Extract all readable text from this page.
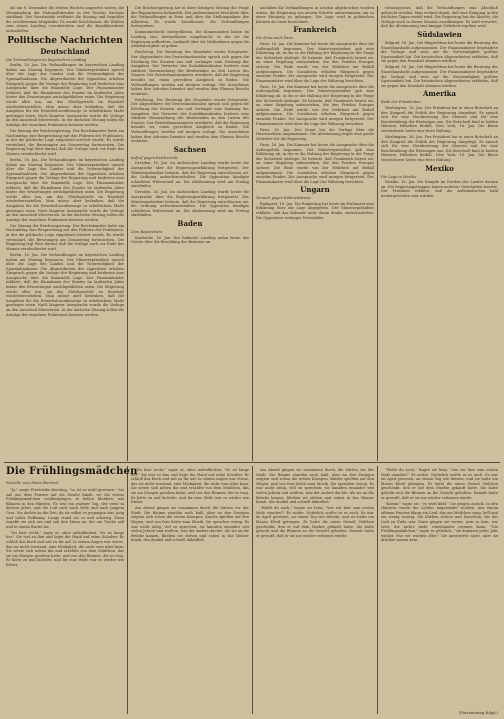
als am 8. Dezember die letzten Wochen angesetzt waren, die Versammlung der Nationalliberalen in der Provinz Sachsen stattfand. Der Vorsitzende eröffnete die Sitzung und begrüßte die erschienenen Mitglieder. Es wurde beschlossen, die Wahlen zum neuen Landtag vorzubereiten und die Kandidatenliste aufzustellen.

Politische Nachrichten
Deutschland
Die Verhandlungen im bayerischen Landtag

Berlin, 16. Jan. Die Verhandlungen im bayerischen Landtag haben am Montag begonnen. Der Ministerpräsident sprach über die Lage des Landes und die Notwendigkeit der Sparmaßnahmen. Die Abgeordneten der Opposition erhoben Einspruch gegen die Vorlage der Regierung und forderten eine Aussprache über die finanzielle Lage. Der Finanzminister erklärte, daß die Einnahmen des Staates im laufenden Jahre hinter den Erwartungen zurückgeblieben seien. Die Regierung werde alles tun, um das Gleichgewicht im Haushalt wiederherzustellen. Man müsse aber bedenken, daß die Ausgaben für die Erwerbslosenfürsorge in erheblichem Maße gestiegen seien. Nach längerer Aussprache wurde die Vorlage an den Ausschuß überwiesen. In der nächsten Sitzung sollen die Anträge der einzelnen Fraktionen beraten werden.

Die Sitzung der Reichsregierung. Der Reichskanzler hatte am Nachmittag eine Besprechung mit den Führern der Fraktionen, in der die politische Lage eingehend erörtert wurde. Es wurde vereinbart, die Beratungen am Donnerstag fortzusetzen. Die Regierung legt Wert darauf, daß die Vorlage noch vor Ende des Monats verabschiedet wird.

Berlin, 16. Jan. Die Verhandlungen im bayerischen Landtag haben am Montag begonnen. Der Ministerpräsident sprach über die Lage des Landes und die Notwendigkeit der Sparmaßnahmen. Die Abgeordneten der Opposition erhoben Einspruch gegen die Vorlage der Regierung und forderten eine Aussprache über die finanzielle Lage. Der Finanzminister erklärte, daß die Einnahmen des Staates im laufenden Jahre hinter den Erwartungen zurückgeblieben seien. Die Regierung werde alles tun, um das Gleichgewicht im Haushalt wiederherzustellen. Man müsse aber bedenken, daß die Ausgaben für die Erwerbslosenfürsorge in erheblichem Maße gestiegen seien. Nach längerer Aussprache wurde die Vorlage an den Ausschuß überwiesen. In der nächsten Sitzung sollen die Anträge der einzelnen Fraktionen beraten werden.

Die Sitzung der Reichsregierung. Der Reichskanzler hatte am Nachmittag eine Besprechung mit den Führern der Fraktionen, in der die politische Lage eingehend erörtert wurde. Es wurde vereinbart, die Beratungen am Donnerstag fortzusetzen. Die Regierung legt Wert darauf, daß die Vorlage noch vor Ende des Monats verabschiedet wird.

Berlin, 16. Jan. Die Verhandlungen im bayerischen Landtag haben am Montag begonnen. Der Ministerpräsident sprach über die Lage des Landes und die Notwendigkeit der Sparmaßnahmen. Die Abgeordneten der Opposition erhoben Einspruch gegen die Vorlage der Regierung und forderten eine Aussprache über die finanzielle Lage. Der Finanzminister erklärte, daß die Einnahmen des Staates im laufenden Jahre hinter den Erwartungen zurückgeblieben seien. Die Regierung werde alles tun, um das Gleichgewicht im Haushalt wiederherzustellen. Man müsse aber bedenken, daß die Ausgaben für die Erwerbslosenfürsorge in erheblichem Maße gestiegen seien. Nach längerer Aussprache wurde die Vorlage an den Ausschuß überwiesen. In der nächsten Sitzung sollen die Anträge der einzelnen Fraktionen beraten werden.

Die Reichsregierung hat in ihrer heutigen Sitzung die Frage der Reparationen behandelt. Der Außenminister berichtete über die Verhandlungen in Paris und über die Stellungnahme der Alliierten. Es wurde beschlossen, die Verhandlungen fortzusetzen.

Kommunistische Interpellation. Die Kommunisten haben im Landtag eine Interpellation eingebracht, in der sie die Regierung auffordern, Auskunft über die Maßnahmen gegen die Arbeitslosigkeit zu geben.

Reichstag. Die Beratung des Haushalts wurde fortgesetzt. Der Abgeordnete der Deutschnationalen sprach sich gegen die Erhöhung der Steuern aus und verlangte eine Senkung der Ausgaben. Der Vertreter der Sozialdemokraten forderte eine stärkere Heranziehung der Besitzenden zu den Lasten des Staates. Der Reichsfinanzminister erwiderte, daß die Regierung bemüht sei, einen gerechten Ausgleich zu finden. Die Verhandlungen wurden auf morgen vertagt. Die Ausschüsse haben ihre Arbeiten beendet und werden dem Plenum Bericht erstatten.

Reichstag. Die Beratung des Haushalts wurde fortgesetzt. Der Abgeordnete der Deutschnationalen sprach sich gegen die Erhöhung der Steuern aus und verlangte eine Senkung der Ausgaben. Der Vertreter der Sozialdemokraten forderte eine stärkere Heranziehung der Besitzenden zu den Lasten des Staates. Der Reichsfinanzminister erwiderte, daß die Regierung bemüht sei, einen gerechten Ausgleich zu finden. Die Verhandlungen wurden auf morgen vertagt. Die Ausschüsse haben ihre Arbeiten beendet und werden dem Plenum Bericht erstatten.

Sachsen
Aufruf gegen Reichsrecht

Dresden, 16. Jan. Im sächsischen Landtag wurde heute die Aussprache über die Regierungserklärung fortgesetzt. Der Ministerpräsident betonte, daß die Regierung entschlossen sei, die Ordnung aufrechtzuerhalten. Die Opposition kündigte schärfsten Widerstand an. Die Abstimmung wird am Freitag stattfinden.

Dresden, 16. Jan. Im sächsischen Landtag wurde heute die Aussprache über die Regierungserklärung fortgesetzt. Der Ministerpräsident betonte, daß die Regierung entschlossen sei, die Ordnung aufrechtzuerhalten. Die Opposition kündigte schärfsten Widerstand an. Die Abstimmung wird am Freitag stattfinden.

Baden
Zum Reparations

Karlsruhe, 16. Jan. Der badische Landtag nahm heute das Gesetz über die Besoldung der Beamten an.

nachdem die Verhandlungen in London abgebrochen worden waren, die Regierung von neuem Schritte unternommen, um zu einer Einigung zu gelangen. Die Lage wird in politischen Kreisen als ernst bezeichnet.

Frankreich
Die Krise nach Paris

Paris, 16. Jan. Die Kammer hat heute die Aussprache über die Außenpolitik begonnen. Der Ministerpräsident gab eine Erklärung ab, in der er die Haltung der Regierung in der Frage der Sicherheit darlegte. Er betonte, daß Frankreich bereit sei, an einer Regelung mitzuwirken, die den Frieden Europas sichere. Die Rede wurde von der Mehrheit mit Beifall aufgenommen. Die Sozialisten erhoben Einspruch gegen einzelne Punkte. Die Aussprache wird morgen fortgesetzt. Der Finanzminister wird über die Lage der Währung berichten.

Paris, 16. Jan. Die Kammer hat heute die Aussprache über die Außenpolitik begonnen. Der Ministerpräsident gab eine Erklärung ab, in der er die Haltung der Regierung in der Frage der Sicherheit darlegte. Er betonte, daß Frankreich bereit sei, an einer Regelung mitzuwirken, die den Frieden Europas sichere. Die Rede wurde von der Mehrheit mit Beifall aufgenommen. Die Sozialisten erhoben Einspruch gegen einzelne Punkte. Die Aussprache wird morgen fortgesetzt. Der Finanzminister wird über die Lage der Währung berichten.

Paris, 16. Jan. Der Senat hat die Vorlage über die Heeresreform angenommen. Die Abstimmung ergab eine große Mehrheit für die Regierung.

Paris, 16. Jan. Die Kammer hat heute die Aussprache über die Außenpolitik begonnen. Der Ministerpräsident gab eine Erklärung ab, in der er die Haltung der Regierung in der Frage der Sicherheit darlegte. Er betonte, daß Frankreich bereit sei, an einer Regelung mitzuwirken, die den Frieden Europas sichere. Die Rede wurde von der Mehrheit mit Beifall aufgenommen. Die Sozialisten erhoben Einspruch gegen einzelne Punkte. Die Aussprache wird morgen fortgesetzt. Der Finanzminister wird über die Lage der Währung berichten.

Ungarn
Versuch gegen Kabinettskrise

Budapest, 16. Jan. Die Regierung hat heute im Parlament eine Erklärung über die Lage abgegeben. Der Ministerpräsident erklärte, daß das Kabinett nicht daran denke, zurückzutreten. Die Opposition verlangte Neuwahlen.

vorausgesetzt, daß die Verhandlungen zum Abschluß gebracht werden. Man rechnet damit, daß eine Einigung in den nächsten Tagen erzielt wird. Die Regierung hat die Absicht, die Vorlage noch in dieser Session einzubringen. Es wird erwartet, daß die Abstimmung eine knappe Mehrheit ergeben wird.

Südslawien

Belgrad, 16. Jan. Die Skupschtina hat heute die Beratung des Staatshaushalts aufgenommen. Der Finanzminister begründete die Vorlage und wies auf die Notwendigkeit größter Sparsamkeit hin. Die kroatischen Abgeordneten erklärten, daß sie gegen den Haushalt stimmen würden.

Belgrad, 16. Jan. Die Skupschtina hat heute die Beratung des Staatshaushalts aufgenommen. Der Finanzminister begründete die Vorlage und wies auf die Notwendigkeit größter Sparsamkeit hin. Die kroatischen Abgeordneten erklärten, daß sie gegen den Haushalt stimmen würden.

Amerika
Rede des Präsidenten

Washington, 16. Jan. Der Präsident hat in einer Botschaft an den Kongreß die Politik der Regierung dargelegt. Er sprach sich für eine Herabsetzung der Steuern und für eine Beschränkung der Rüstungen aus. Die Botschaft fand in beiden Häusern lebhaften Beifall. New York, 16. Jan. Die Börse verzeichnete heute eine feste Haltung.

Washington, 16. Jan. Der Präsident hat in einer Botschaft an den Kongreß die Politik der Regierung dargelegt. Er sprach sich für eine Herabsetzung der Steuern und für eine Beschränkung der Rüstungen aus. Die Botschaft fand in beiden Häusern lebhaften Beifall. New York, 16. Jan. Die Börse verzeichnete heute eine feste Haltung.

Mexiko
Die Lage in Mexiko

Mexiko, 16. Jan. Die Kämpfe im Norden des Landes dauern an. Die Regierungstruppen haben mehrere Ortschaften besetzt. Der Präsident erklärte, daß die Aufständischen bald niedergeworfen sein würden.

Die Frühlingsmädchen
Novelle von Hans Bertsch

"Ja," sagte Friederike Kersting, "so ist es wohl gewesen." Sie sah aus dem Fenster auf die Straße hinab, wo die ersten Frühlingsmädchen vorübergingen, in hellen Kleidern, mit Blumen in den Händen. Es war ein warmer Tag, der erste in diesem Jahre, und die Luft roch nach Erde und nach jungem Gras. Sie dachte an die Zeit, da sie selbst so gegangen war, jung und voller Hoffnung. Lange stand sie so und schwieg. Dann wandte sie sich um und sah den Mann an, der am Tische saß und in einem Buche las.

"Du hast recht," sagte er, ohne aufzublicken. "Es ist lange her." Sie trat zu ihm und legte die Hand auf seine Schulter. Er schloß das Buch und sah zu ihr auf. In seinen Augen war etwas, das sie nicht verstand, eine Müdigkeit, die nicht vom Alter kam. Sie setzte sich neben ihn und erzählte von dem Mädchen, das sie am Morgen gesehen hatte, und von den Blumen, die es trug. Er hörte zu und lächelte, und für eine Weile war es wieder wie früher.

"Du hast recht," sagte er, ohne aufzublicken. "Es ist lange her." Sie trat zu ihm und legte die Hand auf seine Schulter. Er schloß das Buch und sah zu ihr auf. In seinen Augen war etwas, das sie nicht verstand, eine Müdigkeit, die nicht vom Alter kam. Sie setzte sich neben ihn und erzählte von dem Mädchen, das sie am Morgen gesehen hatte, und von den Blumen, die es trug. Er hörte zu und lächelte, und für eine Weile war es wieder wie früher.

Am Abend gingen sie zusammen durch die Gärten vor der Stadt. Die Bäume standen noch kahl, aber an den Zweigen zeigten sich schon die ersten Knospen. Kinder spielten auf den Wegen, und von fern hörte man Musik. Sie sprachen wenig. Es war nicht nötig, viel zu sprechen; sie kannten einander seit vielen Jahren und wußten, was der andere dachte. Als sie an die Brücke kamen, blieben sie stehen und sahen in das Wasser hinab, das dunkel und schnell dahinfloß.

Am Abend gingen sie zusammen durch die Gärten vor der Stadt. Die Bäume standen noch kahl, aber an den Zweigen zeigten sich schon die ersten Knospen. Kinder spielten auf den Wegen, und von fern hörte man Musik. Sie sprachen wenig. Es war nicht nötig, viel zu sprechen; sie kannten einander seit vielen Jahren und wußten, was der andere dachte. Als sie an die Brücke kamen, blieben sie stehen und sahen in das Wasser hinab, das dunkel und schnell dahinfloß.

"Weißt du noch," fragte sie leise, "wie wir hier zum ersten Male standen?" Er nickte. Natürlich wußte er es noch. Es war im April gewesen, an einem Tag wie diesem, und sie hatte ein blaues Kleid getragen. Er hatte ihr einen Strauß Veilchen geschenkt, den er auf dem Markte gekauft hatte. Sie hatte gelacht und die Blumen an ihr Gesicht gehalten. Damals hatte er gewußt, daß er sie nie wieder verlassen würde.

"Weißt du noch," fragte sie leise, "wie wir hier zum ersten Male standen?" Er nickte. Natürlich wußte er es noch. Es war im April gewesen, an einem Tag wie diesem, und sie hatte ein blaues Kleid getragen. Er hatte ihr einen Strauß Veilchen geschenkt, den er auf dem Markte gekauft hatte. Sie hatte gelacht und die Blumen an ihr Gesicht gehalten. Damals hatte er gewußt, daß er sie nie wieder verlassen würde.

"Komm," sagte sie, "es wird kühl." Sie gingen zurück. In den Häusern waren die Lichter angezündet worden. Aus einem offenen Fenster klang ein Lied, das ein Mädchen sang, hell und ein wenig traurig. Sie blieben stehen und lauschten, bis das Lied zu Ende war. Dann gingen sie weiter, Arm in Arm, wie zwei, die nichts mehr voneinander trennen kann. "Die Frühlingsmädchen," sagte er plötzlich, "sie kommen jedes Jahr wieder. Nur wir werden älter." Sie antwortete nicht, aber sie drückte seinen Arm.

(Fortsetzung folgt.)
